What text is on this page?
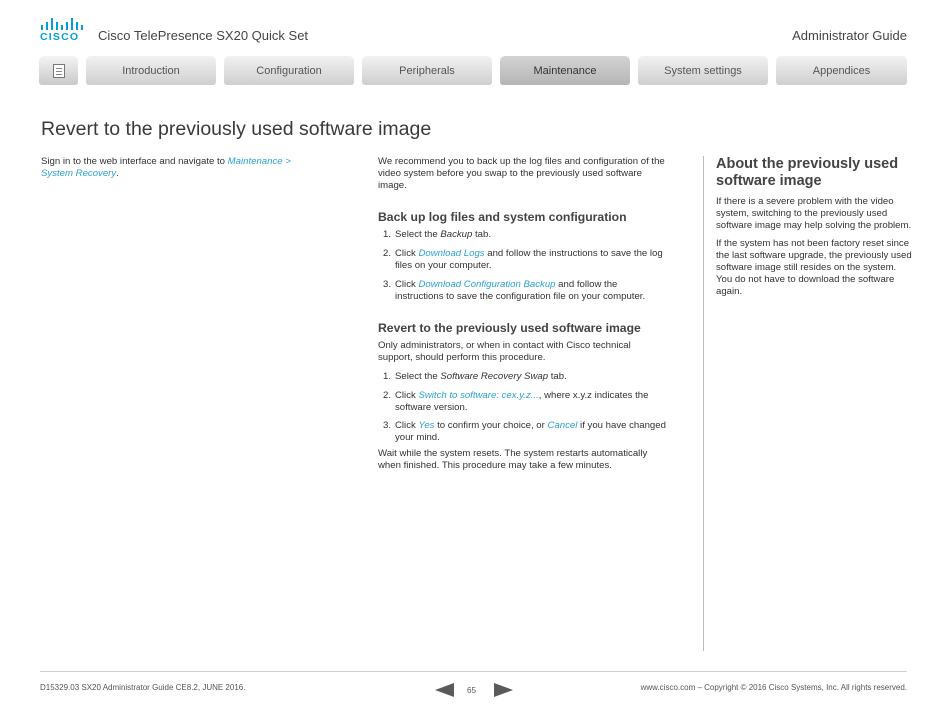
CISCO	Cisco TelePresence SX20 Quick Set	Administrator Guide
Introduction	Configuration	Peripherals	Maintenance	System settings	Appendices
Revert to the previously used software image
Sign in to the web interface and navigate to Maintenance > System Recovery.

We recommend you to back up the log files and configuration of the video system before you swap to the previously used software image.

Back up log files and system configuration
1. Select the Backup tab.
2. Click Download Logs and follow the instructions to save the log files on your computer.
3. Click Download Configuration Backup and follow the instructions to save the configuration file on your computer.
Revert to the previously used software image

Only administrators, or when in contact with Cisco technical support, should perform this procedure.

1. Select the Software Recovery Swap tab.
2. Click Switch to software: cex.y.z..., where x.y.z indicates the software version.
3. Click Yes to confirm your choice, or Cancel if you have changed your mind.

Wait while the system resets. The system restarts automatically when finished. This procedure may take a few minutes.

About the previously used software image

If there is a severe problem with the video system, switching to the previously used software image may help solving the problem.

If the system has not been factory reset since the last software upgrade, the previously used software image still resides on the system. You do not have to download the software again.

D15329.03 SX20 Administrator Guide CE8.2, JUNE 2016.	65	www.cisco.com – Copyright © 2016 Cisco Systems, Inc. All rights reserved.
